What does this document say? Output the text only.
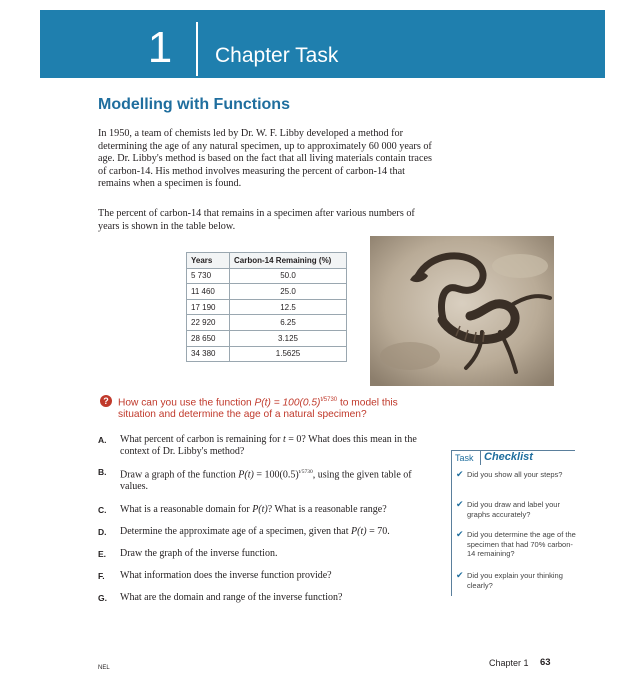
1	Chapter Task
Modelling with Functions

In 1950, a team of chemists led by Dr. W. F. Libby developed a method for determining the age of any natural specimen, up to approximately 60 000 years of age. Dr. Libby's method is based on the fact that all living materials contain traces of carbon-14. His method involves measuring the percent of carbon-14 that remains when a specimen is found.

The percent of carbon-14 that remains in a specimen after various numbers of years is shown in the table below.

Years	Carbon-14 Remaining (%)
5 730	50.0
11 460	25.0
17 190	12.5
22 920	6.25
28 650	3.125
34 380	1.5625
? How can you use the function $P(t) = 100(0.5)^{t/5730}$ to model this situation and determine the age of a natural specimen?
A.	What percent of carbon is remaining for t = 0? What does this mean in the context of Dr. Libby's method?
B.	Draw a graph of the function $P(t) = 100(0.5)^{t/5730}$, using the given table of values.
C.	What is a reasonable domain for P(t)? What is a reasonable range?
D.	Determine the approximate age of a specimen, given that P(t) = 70.
E.	Draw the graph of the inverse function.
F.	What information does the inverse function provide?
G.	What are the domain and range of the inverse function?
Task Checklist
✔ Did you show all your steps?
✔ Did you draw and label your graphs accurately?
✔ Did you determine the age of the specimen that had 70% carbon-14 remaining?
✔ Did you explain your thinking clearly?
NEL	Chapter 1 63
